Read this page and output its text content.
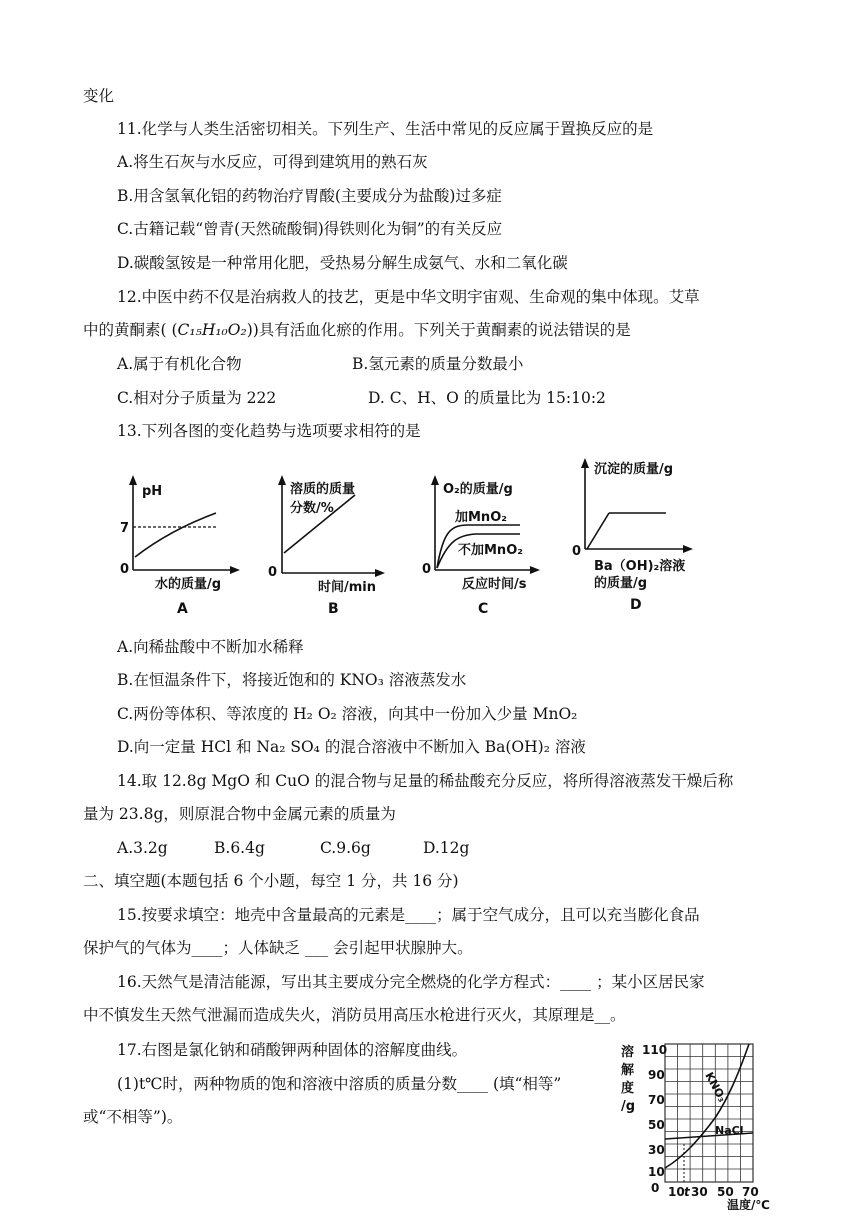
变化
11.化学与人类生活密切相关。下列生产、生活中常见的反应属于置换反应的是
A.将生石灰与水反应，可得到建筑用的熟石灰
B.用含氢氧化铝的药物治疗胃酸(主要成分为盐酸)过多症
C.古籍记载“曾青(天然硫酸铜)得铁则化为铜”的有关反应
D.碳酸氢铵是一种常用化肥，受热易分解生成氨气、水和二氧化碳
12.中医中药不仅是治病救人的技艺，更是中华文明宇宙观、生命观的集中体现。艾草
中的黄酮素( (C₁₅H₁₀O₂))具有活血化瘀的作用。下列关于黄酮素的说法错误的是
A.属于有机化合物	B.氢元素的质量分数最小
C.相对分子质量为 222	D. C、H、O 的质量比为 15:10:2
13.下列各图的变化趋势与选项要求相符的是
pH
7
0
水的质量/g
A
溶质的质量
分数/%
0
时间/min
B
O₂的质量/g
加MnO₂
不加MnO₂
0
反应时间/s
C
沉淀的质量/g
0
Ba（OH)₂溶液
的质量/g
D
A.向稀盐酸中不断加水稀释
B.在恒温条件下，将接近饱和的 KNO₃ 溶液蒸发水
C.两份等体积、等浓度的 H₂ O₂ 溶液，向其中一份加入少量 MnO₂
D.向一定量 HCl 和 Na₂ SO₄ 的混合溶液中不断加入 Ba(OH)₂ 溶液
14.取 12.8g MgO 和 CuO 的混合物与足量的稀盐酸充分反应，将所得溶液蒸发干燥后称
量为 23.8g，则原混合物中金属元素的质量为
A.3.2g	B.6.4g	C.9.6g	D.12g
二、填空题(本题包括 6 个小题，每空 1 分，共 16 分)
15.按要求填空：地壳中含量最高的元素是____；属于空气成分，且可以充当膨化食品
保护气的气体为____；人体缺乏 ___ 会引起甲状腺肿大。
16.天然气是清洁能源，写出其主要成分完全燃烧的化学方程式：____ ；某小区居民家
中不慎发生天然气泄漏而造成失火，消防员用高压水枪进行灭火，其原理是__。
17.右图是氯化钠和硝酸钾两种固体的溶解度曲线。
(1)t℃时，两种物质的饱和溶液中溶质的质量分数____ (填“相等”
或“不相等”)。
溶
解
度
/g
110
90
70
50
30
10
0 10 t 30 50 70
温度/℃
KNO₃
NaCl
